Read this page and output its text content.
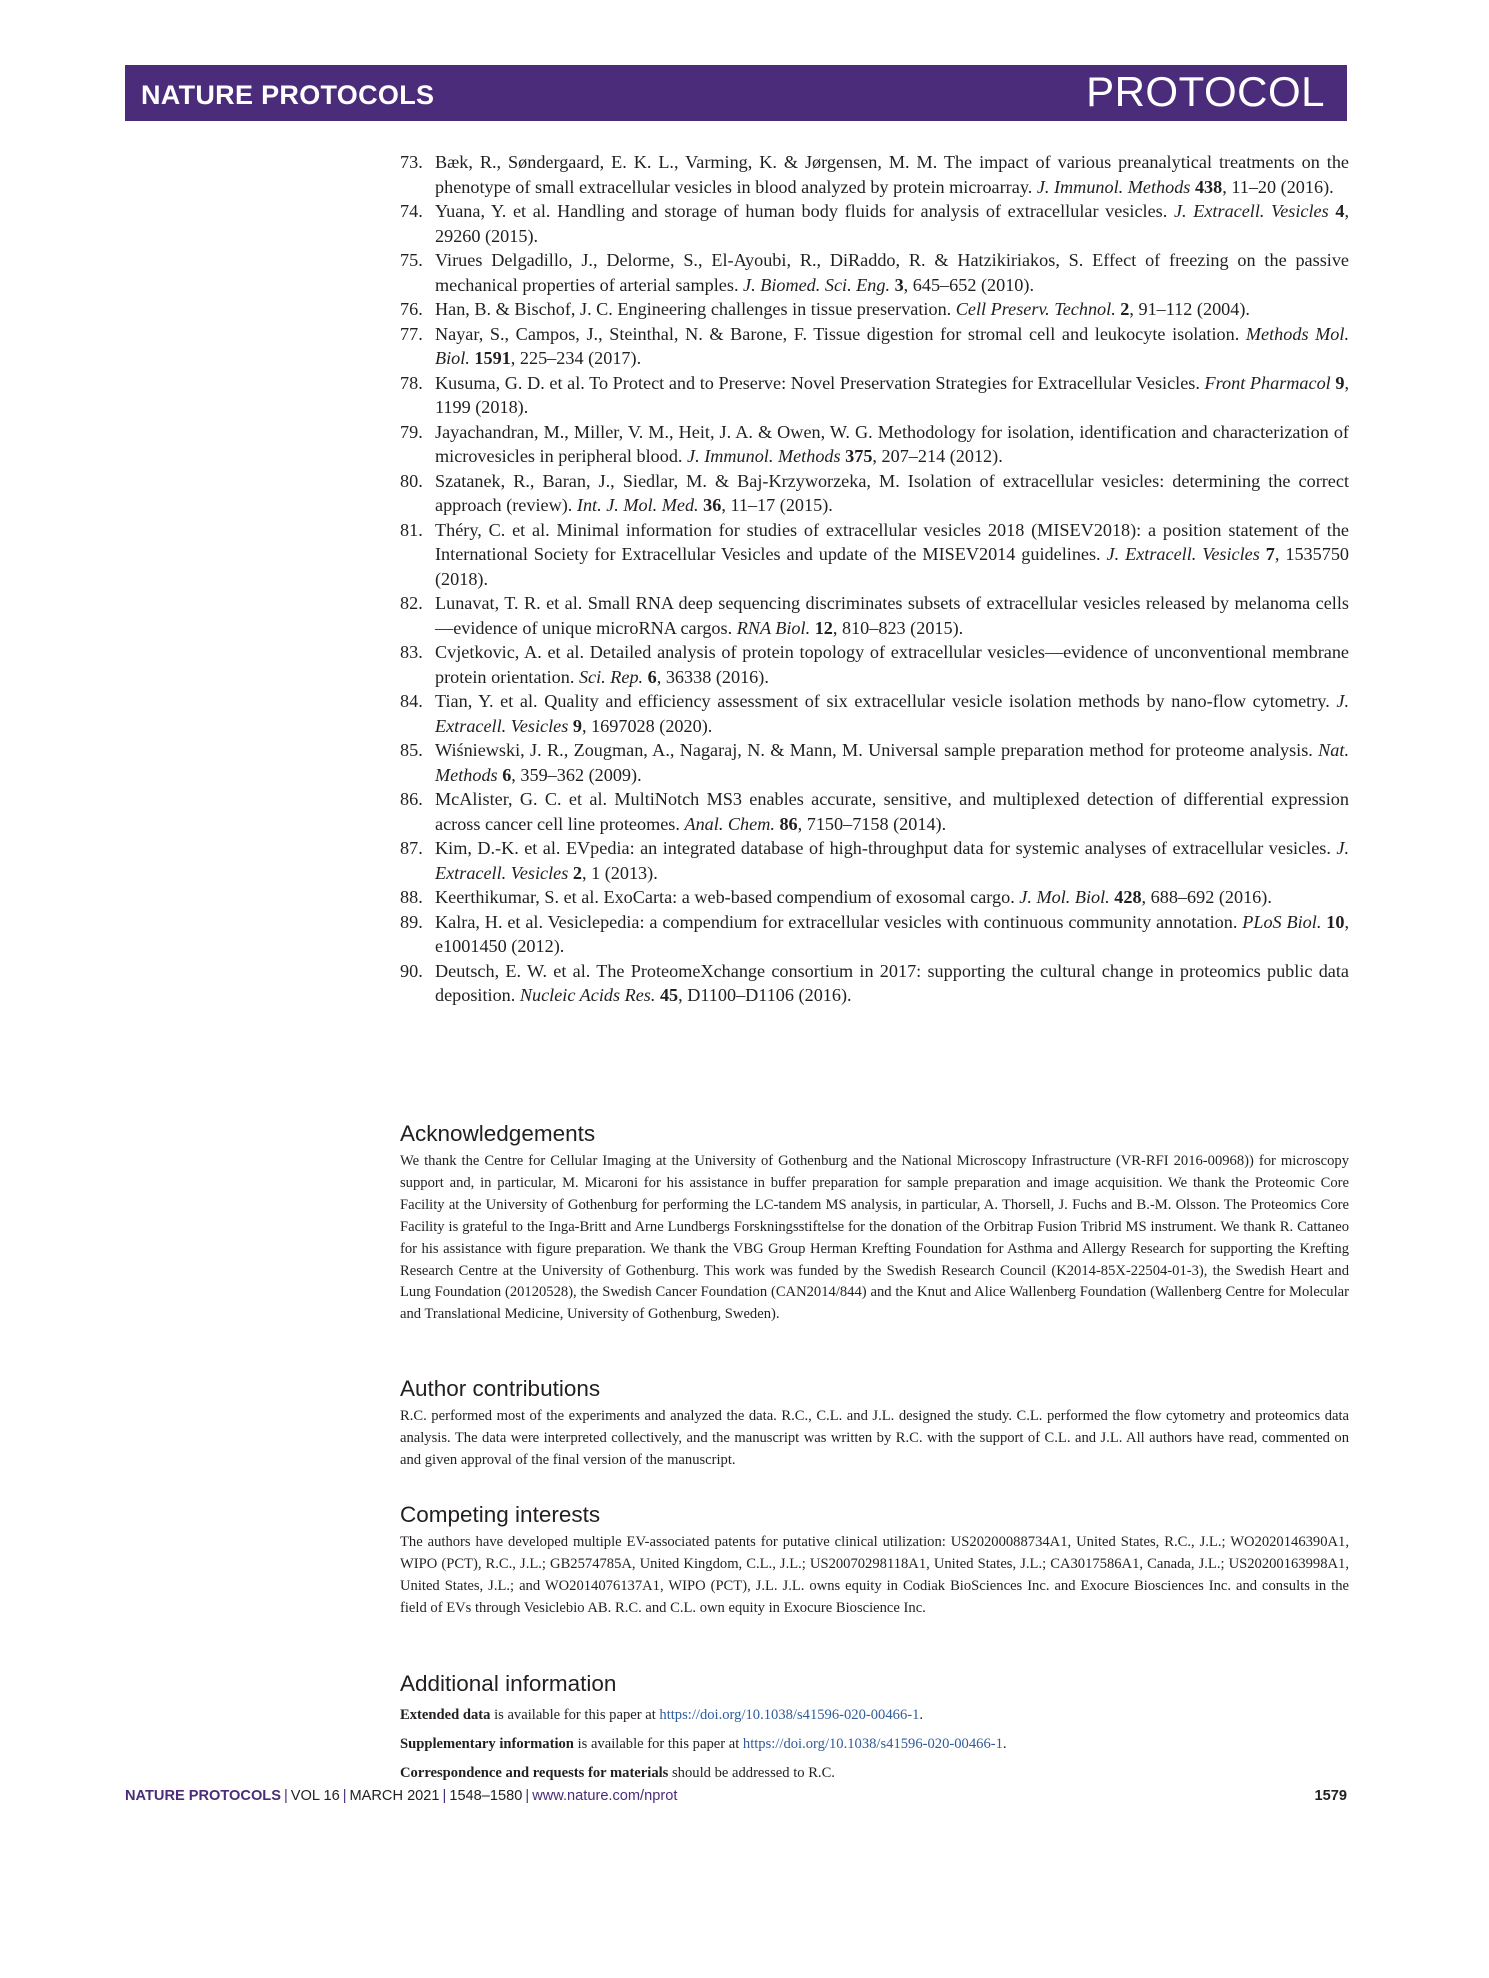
NATURE PROTOCOLS	PROTOCOL
73. Bæk, R., Søndergaard, E. K. L., Varming, K. & Jørgensen, M. M. The impact of various preanalytical treatments on the phenotype of small extracellular vesicles in blood analyzed by protein microarray. J. Immunol. Methods 438, 11–20 (2016).
74. Yuana, Y. et al. Handling and storage of human body fluids for analysis of extracellular vesicles. J. Extracell. Vesicles 4, 29260 (2015).
75. Virues Delgadillo, J., Delorme, S., El-Ayoubi, R., DiRaddo, R. & Hatzikiriakos, S. Effect of freezing on the passive mechanical properties of arterial samples. J. Biomed. Sci. Eng. 3, 645–652 (2010).
76. Han, B. & Bischof, J. C. Engineering challenges in tissue preservation. Cell Preserv. Technol. 2, 91–112 (2004).
77. Nayar, S., Campos, J., Steinthal, N. & Barone, F. Tissue digestion for stromal cell and leukocyte isolation. Methods Mol. Biol. 1591, 225–234 (2017).
78. Kusuma, G. D. et al. To Protect and to Preserve: Novel Preservation Strategies for Extracellular Vesicles. Front Pharmacol 9, 1199 (2018).
79. Jayachandran, M., Miller, V. M., Heit, J. A. & Owen, W. G. Methodology for isolation, identification and characterization of microvesicles in peripheral blood. J. Immunol. Methods 375, 207–214 (2012).
80. Szatanek, R., Baran, J., Siedlar, M. & Baj-Krzyworzeka, M. Isolation of extracellular vesicles: determining the correct approach (review). Int. J. Mol. Med. 36, 11–17 (2015).
81. Théry, C. et al. Minimal information for studies of extracellular vesicles 2018 (MISEV2018): a position statement of the International Society for Extracellular Vesicles and update of the MISEV2014 guidelines. J. Extracell. Vesicles 7, 1535750 (2018).
82. Lunavat, T. R. et al. Small RNA deep sequencing discriminates subsets of extracellular vesicles released by melanoma cells—evidence of unique microRNA cargos. RNA Biol. 12, 810–823 (2015).
83. Cvjetkovic, A. et al. Detailed analysis of protein topology of extracellular vesicles—evidence of unconventional membrane protein orientation. Sci. Rep. 6, 36338 (2016).
84. Tian, Y. et al. Quality and efficiency assessment of six extracellular vesicle isolation methods by nano-flow cytometry. J. Extracell. Vesicles 9, 1697028 (2020).
85. Wiśniewski, J. R., Zougman, A., Nagaraj, N. & Mann, M. Universal sample preparation method for proteome analysis. Nat. Methods 6, 359–362 (2009).
86. McAlister, G. C. et al. MultiNotch MS3 enables accurate, sensitive, and multiplexed detection of differential expression across cancer cell line proteomes. Anal. Chem. 86, 7150–7158 (2014).
87. Kim, D.-K. et al. EVpedia: an integrated database of high-throughput data for systemic analyses of extracellular vesicles. J. Extracell. Vesicles 2, 1 (2013).
88. Keerthikumar, S. et al. ExoCarta: a web-based compendium of exosomal cargo. J. Mol. Biol. 428, 688–692 (2016).
89. Kalra, H. et al. Vesiclepedia: a compendium for extracellular vesicles with continuous community annotation. PLoS Biol. 10, e1001450 (2012).
90. Deutsch, E. W. et al. The ProteomeXchange consortium in 2017: supporting the cultural change in proteomics public data deposition. Nucleic Acids Res. 45, D1100–D1106 (2016).
Acknowledgements

We thank the Centre for Cellular Imaging at the University of Gothenburg and the National Microscopy Infrastructure (VR-RFI 2016-00968)) for microscopy support and, in particular, M. Micaroni for his assistance in buffer preparation for sample preparation and image acquisition. We thank the Proteomic Core Facility at the University of Gothenburg for performing the LC-tandem MS analysis, in particular, A. Thorsell, J. Fuchs and B.-M. Olsson. The Proteomics Core Facility is grateful to the Inga-Britt and Arne Lundbergs Forskningsstiftelse for the donation of the Orbitrap Fusion Tribrid MS instrument. We thank R. Cattaneo for his assistance with figure preparation. We thank the VBG Group Herman Krefting Foundation for Asthma and Allergy Research for supporting the Krefting Research Centre at the University of Gothenburg. This work was funded by the Swedish Research Council (K2014-85X-22504-01-3), the Swedish Heart and Lung Foundation (20120528), the Swedish Cancer Foundation (CAN2014/844) and the Knut and Alice Wallenberg Foundation (Wallenberg Centre for Molecular and Translational Medicine, University of Gothenburg, Sweden).

Author contributions

R.C. performed most of the experiments and analyzed the data. R.C., C.L. and J.L. designed the study. C.L. performed the flow cytometry and proteomics data analysis. The data were interpreted collectively, and the manuscript was written by R.C. with the support of C.L. and J.L. All authors have read, commented on and given approval of the final version of the manuscript.

Competing interests

The authors have developed multiple EV-associated patents for putative clinical utilization: US20200088734A1, United States, R.C., J.L.; WO2020146390A1, WIPO (PCT), R.C., J.L.; GB2574785A, United Kingdom, C.L., J.L.; US20070298118A1, United States, J.L.; CA3017586A1, Canada, J.L.; US20200163998A1, United States, J.L.; and WO2014076137A1, WIPO (PCT), J.L. J.L. owns equity in Codiak BioSciences Inc. and Exocure Biosciences Inc. and consults in the field of EVs through Vesiclebio AB. R.C. and C.L. own equity in Exocure Bioscience Inc.

Additional information
Extended data is available for this paper at https://doi.org/10.1038/s41596-020-00466-1.
Supplementary information is available for this paper at https://doi.org/10.1038/s41596-020-00466-1.
Correspondence and requests for materials should be addressed to R.C.
NATURE PROTOCOLS | VOL 16 | MARCH 2021 | 1548–1580 | www.nature.com/nprot	1579
